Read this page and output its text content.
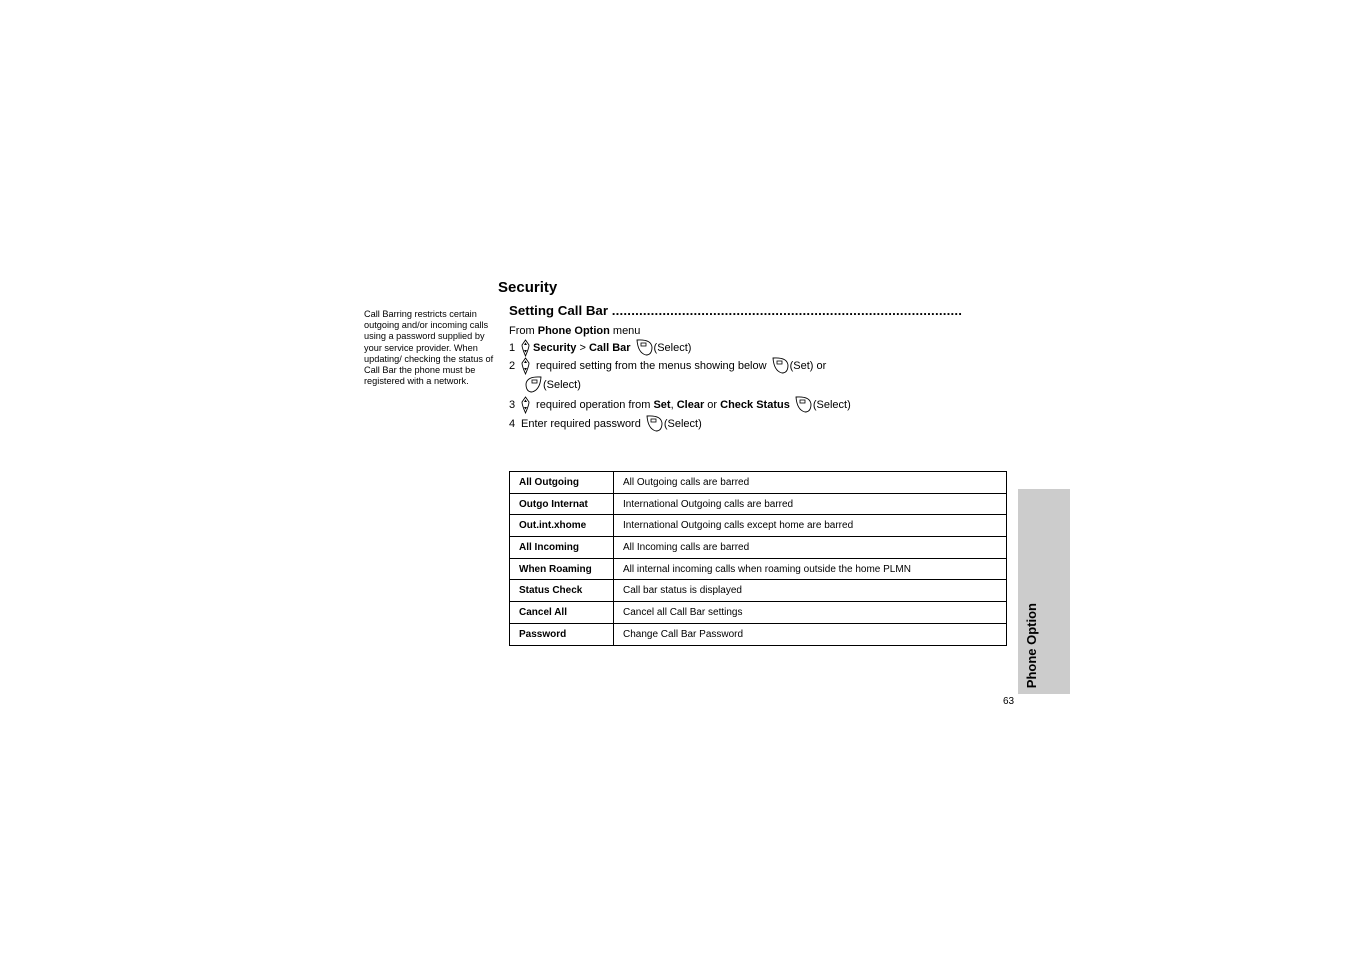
Security
Call Barring restricts certain outgoing and/or incoming calls using a password supplied by your service provider. When updating/ checking the status of Call Bar the phone must be registered with a network.
Setting Call Bar ..........................................................................................
From Phone Option menu
1	Security > Call Bar (Select)
2	required setting from the menus showing below (Set) or
(Select)
3	required operation from Set , Clear or Check Status (Select)
4 Enter required password (Select)
All Outgoing	All Outgoing calls are barred
Outgo Internat	International Outgoing calls are barred
Out.int.xhome	International Outgoing calls except home are barred
All Incoming	All Incoming calls are barred
When Roaming	All internal incoming calls when roaming outside the home PLMN
Status Check	Call bar status is displayed
Cancel All	Cancel all Call Bar settings
Password	Change Call Bar Password	Phone Option
63
